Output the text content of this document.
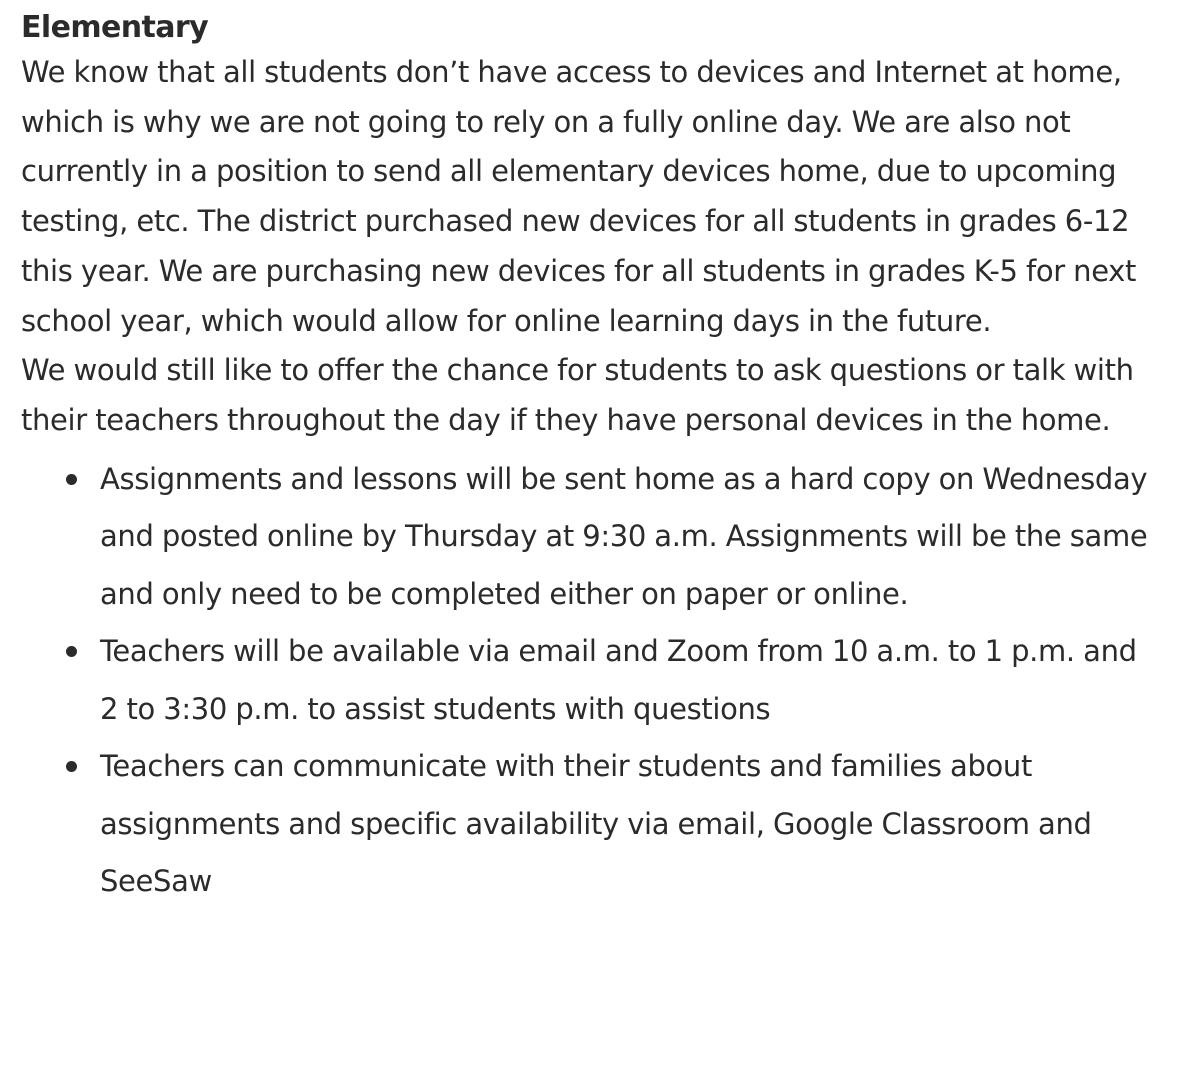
Elementary

We know that all students don’t have access to devices and Internet at home, which is why we are not going to rely on a fully online day. We are also not currently in a position to send all elementary devices home, due to upcoming testing, etc. The district purchased new devices for all students in grades 6-12 this year. We are purchasing new devices for all students in grades K-5 for next school year, which would allow for online learning days in the future.

We would still like to offer the chance for students to ask questions or talk with their teachers throughout the day if they have personal devices in the home.

Assignments and lessons will be sent home as a hard copy on Wednesday and posted online by Thursday at 9:30 a.m. Assignments will be the same and only need to be completed either on paper or online.
Teachers will be available via email and Zoom from 10 a.m. to 1 p.m. and 2 to 3:30 p.m. to assist students with questions
Teachers can communicate with their students and families about assignments and specific availability via email, Google Classroom and SeeSaw
